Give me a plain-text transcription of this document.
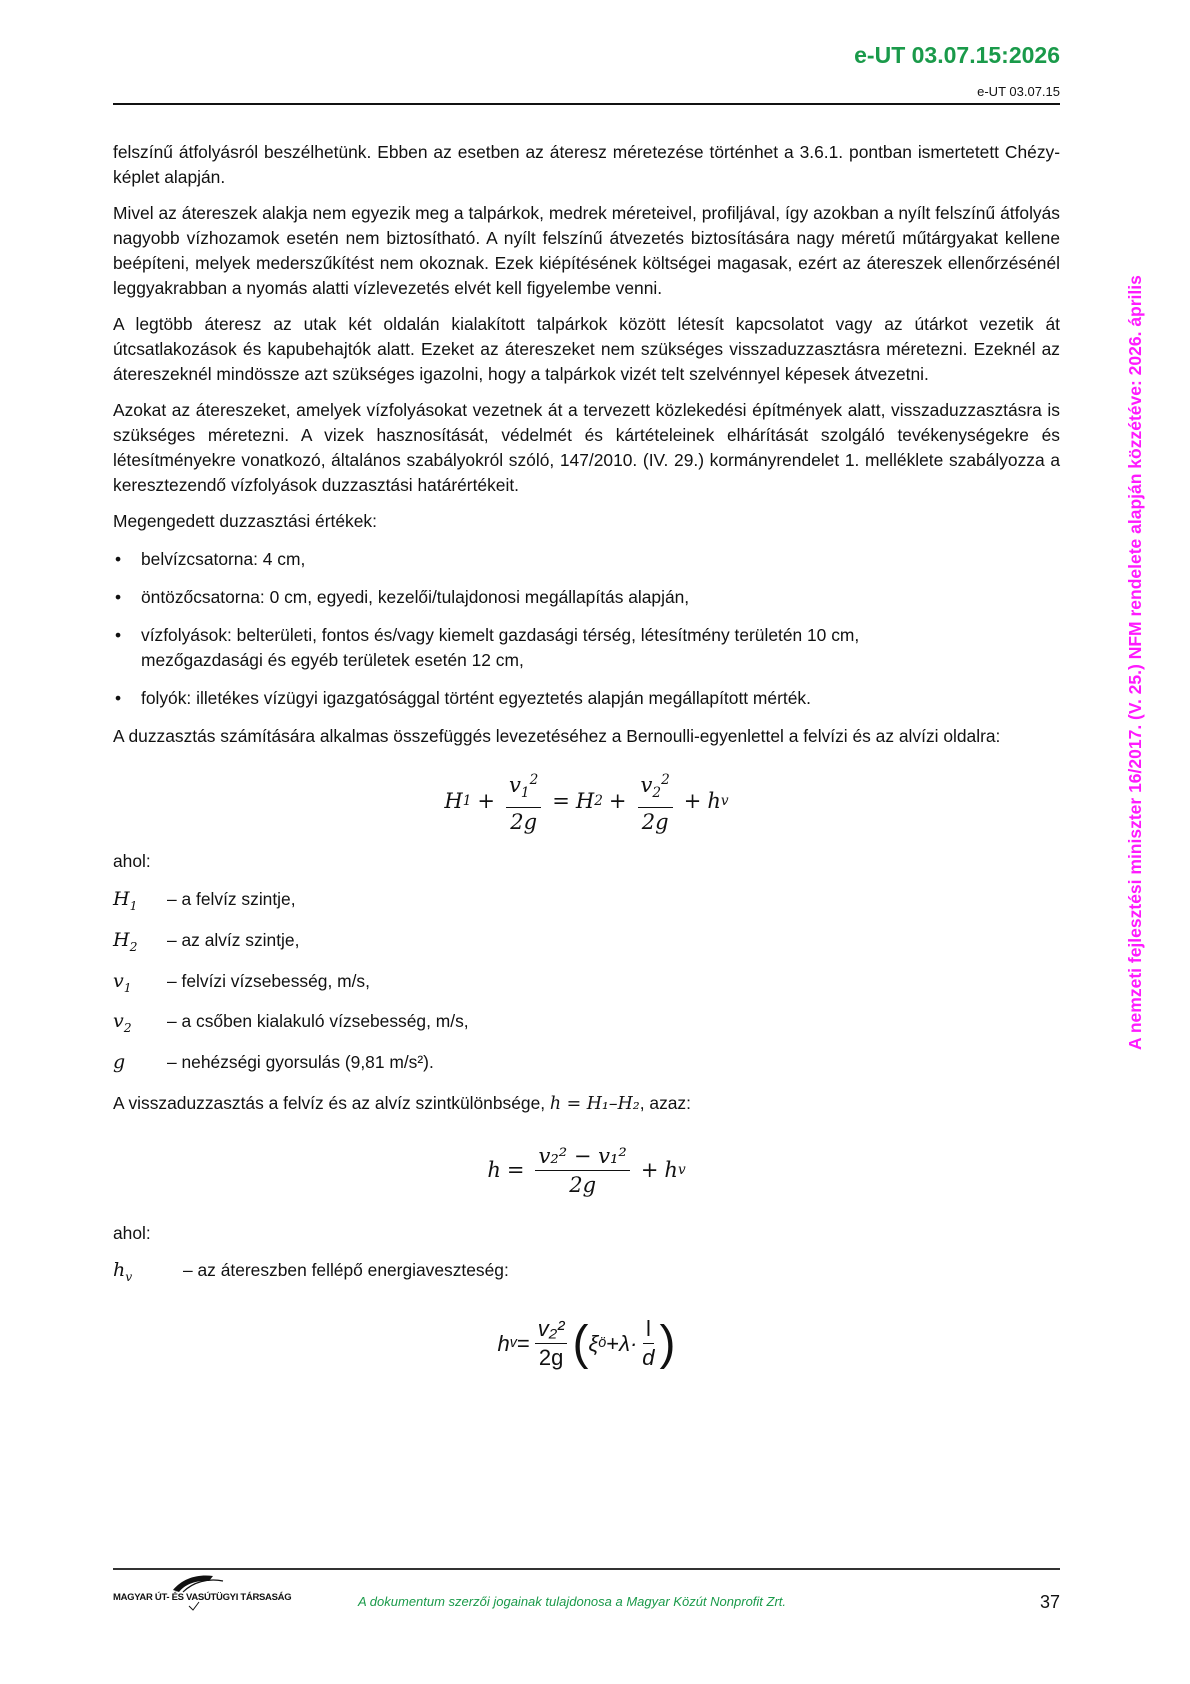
e-UT 03.07.15:2026
e-UT 03.07.15

felszínű átfolyásról beszélhetünk. Ebben az esetben az áteresz méretezése történhet a 3.6.1. pontban ismertetett Chézy-képlet alapján.

Mivel az átereszek alakja nem egyezik meg a talpárkok, medrek méreteivel, profiljával, így azokban a nyílt felszínű átfolyás nagyobb vízhozamok esetén nem biztosítható. A nyílt felszínű átvezetés biztosítására nagy méretű műtárgyakat kellene beépíteni, melyek mederszűkítést nem okoznak. Ezek kiépítésének költségei magasak, ezért az átereszek ellenőrzésénél leggyakrabban a nyomás alatti vízlevezetés elvét kell figyelembe venni.

A legtöbb áteresz az utak két oldalán kialakított talpárkok között létesít kapcsolatot vagy az útárkot vezetik át útcsatlakozások és kapubehajtók alatt. Ezeket az átereszeket nem szükséges visszaduzzasztásra méretezni. Ezeknél az átereszeknél mindössze azt szükséges igazolni, hogy a talpárkok vizét telt szelvénnyel képesek átvezetni.

Azokat az átereszeket, amelyek vízfolyásokat vezetnek át a tervezett közlekedési építmények alatt, visszaduzzasztásra is szükséges méretezni. A vizek hasznosítását, védelmét és kártételeinek elhárítását szolgáló tevékenységekre és létesítményekre vonatkozó, általános szabályokról szóló, 147/2010. (IV. 29.) kormányrendelet 1. melléklete szabályozza a keresztezendő vízfolyások duzzasztási határértékeit.

Megengedett duzzasztási értékek:

• belvízcsatorna: 4 cm,
• öntözőcsatorna: 0 cm, egyedi, kezelői/tulajdonosi megállapítás alapján,
• vízfolyások: belterületi, fontos és/vagy kiemelt gazdasági térség, létesítmény területén 10 cm, mezőgazdasági és egyéb területek esetén 12 cm,
• folyók: illetékes vízügyi igazgatósággal történt egyeztetés alapján megállapított mérték.

A duzzasztás számítására alkalmas összefüggés levezetéséhez a Bernoulli-egyenlettel a felvízi és az alvízi oldalra:

H $1 + \frac{v_1^2}{2g} = H$ $2 + \frac{v_2^2}{2g} + h$ v

ahol:

$H_1$	– a felvíz szintje,
$H_2$	– az alvíz szintje,
$v_1$	– felvízi vízsebesség, m/s,
$v_2$	– a csőben kialakuló vízsebesség, m/s,
g	– nehézségi gyorsulás (9,81 m/s²).

A visszaduzzasztás a felvíz és az alvíz szintkülönbsége, h = H₁–H₂, azaz:

$h = \frac{\text{v₂² − v₁²}}{2g} + h$ v

ahol:

$h_v$	– az átereszben fellépő energiaveszteség:
h $v = \frac{\text{v₂²}}{2g}$ ( ξ ö + $\lambda\cdot \frac{l}{d}$ )
A nemzeti fejlesztési miniszter 16/2017. (V. 25.) NFM rendelete alapján közzétéve: 2026. április
MAGYAR ÚT- ÉS VASÚTÜGYI TÁRSASÁG	A dokumentum szerzői jogainak tulajdonosa a Magyar Közút Nonprofit Zrt.	37
